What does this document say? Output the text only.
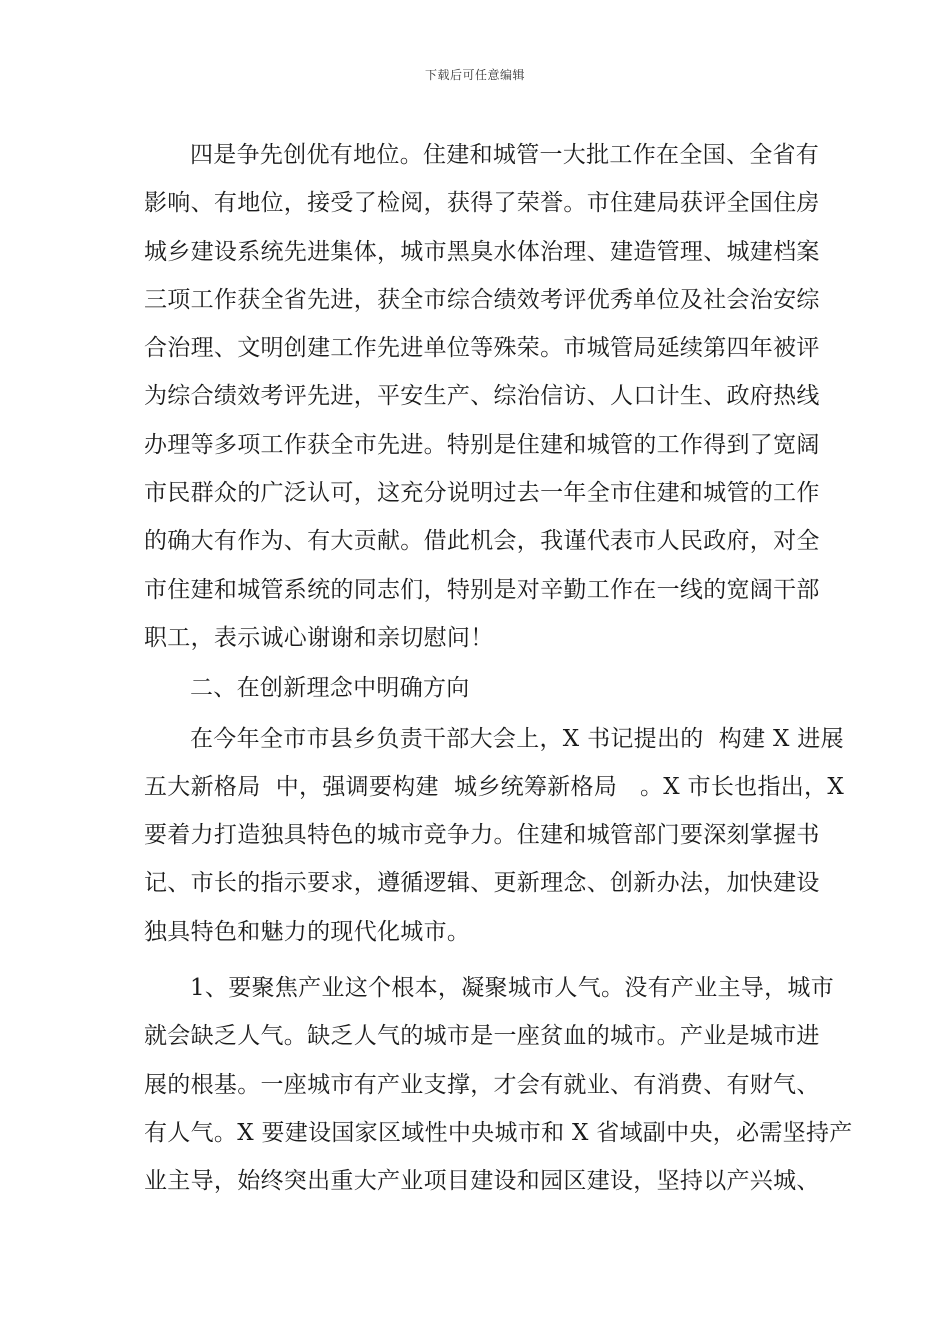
下载后可任意编辑
四是争先创优有地位。住建和城管一大批工作在全国、全省有
影响、有地位，接受了检阅，获得了荣誉。市住建局获评全国住房
城乡建设系统先进集体，城市黑臭水体治理、建造管理、城建档案
三项工作获全省先进，获全市综合绩效考评优秀单位及社会治安综
合治理、文明创建工作先进单位等殊荣。市城管局延续第四年被评
为综合绩效考评先进，平安生产、综治信访、人口计生、政府热线
办理等多项工作获全市先进。特别是住建和城管的工作得到了宽阔
市民群众的广泛认可，这充分说明过去一年全市住建和城管的工作
的确大有作为、有大贡献。借此机会，我谨代表市人民政府，对全
市住建和城管系统的同志们，特别是对辛勤工作在一线的宽阔干部
职工，表示诚心谢谢和亲切慰问！
二、在创新理念中明确方向
在今年全市市县乡负责干部大会上，X 书记提出的  构建 X 进展
五大新格局  中，强调要构建  城乡统筹新格局   。X 市长也指出，X
要着力打造独具特色的城市竞争力。住建和城管部门要深刻掌握书
记、市长的指示要求，遵循逻辑、更新理念、创新办法，加快建设
独具特色和魅力的现代化城市。
1、要聚焦产业这个根本，凝聚城市人气。没有产业主导，城市
就会缺乏人气。缺乏人气的城市是一座贫血的城市。产业是城市进
展的根基。一座城市有产业支撑，才会有就业、有消费、有财气、
有人气。X 要建设国家区域性中央城市和 X 省域副中央，必需坚持产
业主导，始终突出重大产业项目建设和园区建设，坚持以产兴城、
